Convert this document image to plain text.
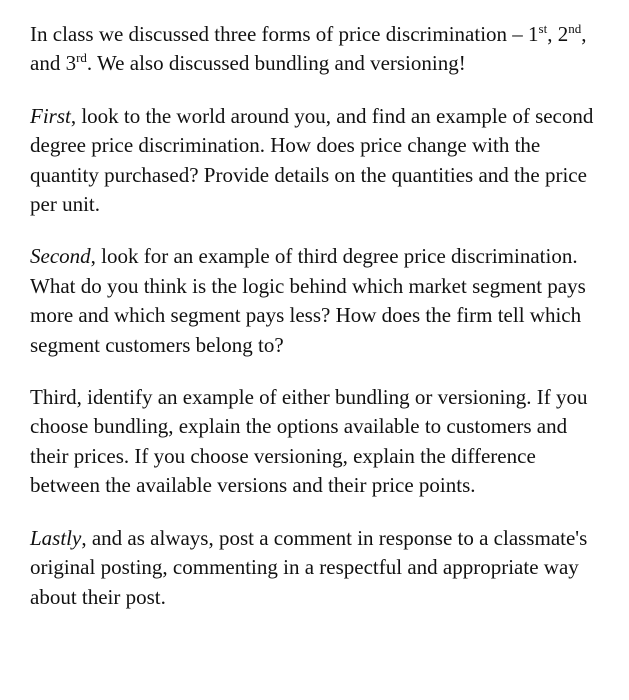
In class we discussed three forms of price discrimination – 1st, 2nd, and 3rd. We also discussed bundling and versioning!

First, look to the world around you, and find an example of second degree price discrimination. How does price change with the quantity purchased? Provide details on the quantities and the price per unit.

Second, look for an example of third degree price discrimination. What do you think is the logic behind which market segment pays more and which segment pays less? How does the firm tell which segment customers belong to?

Third, identify an example of either bundling or versioning. If you choose bundling, explain the options available to customers and their prices. If you choose versioning, explain the difference between the available versions and their price points.

Lastly, and as always, post a comment in response to a classmate's original posting, commenting in a respectful and appropriate way about their post.
